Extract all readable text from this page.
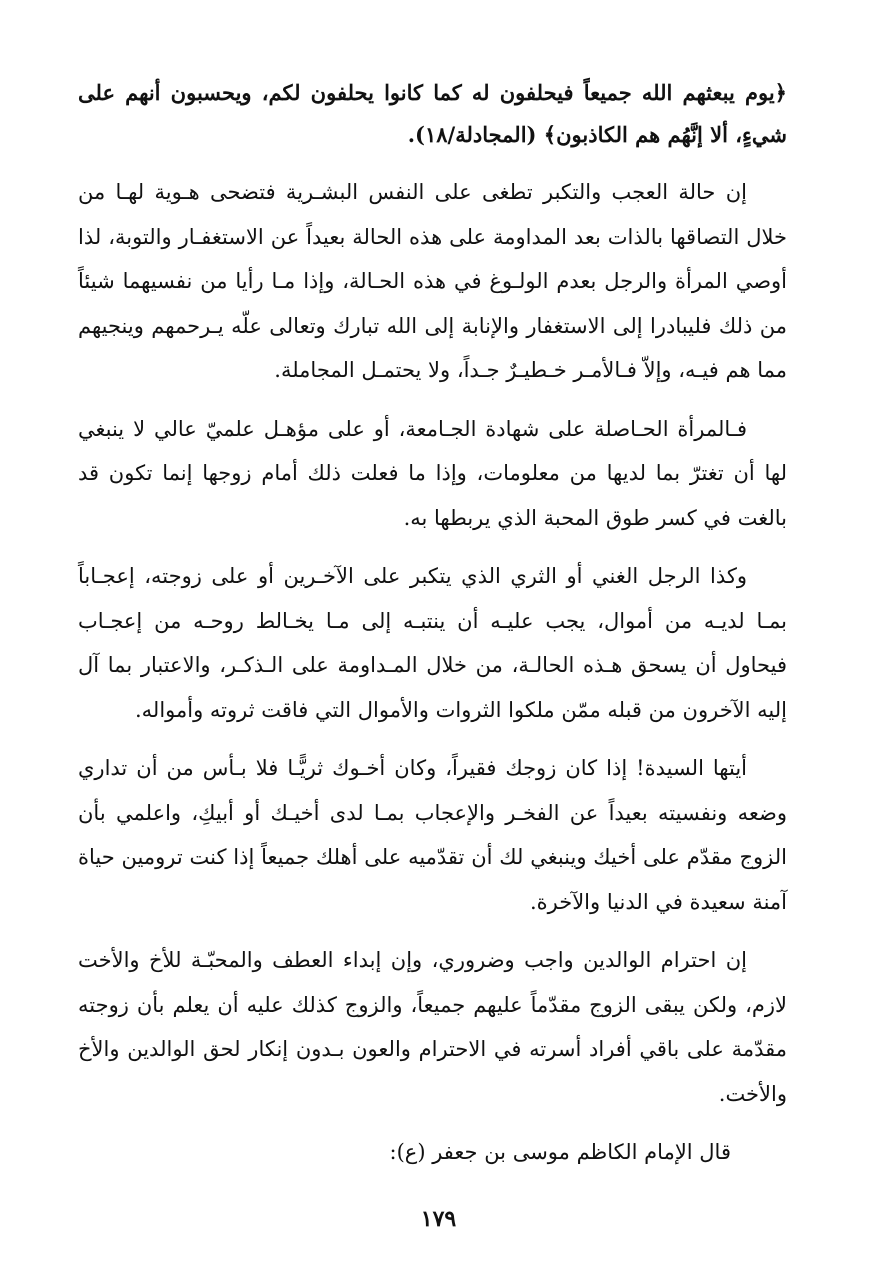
﴿يوم يبعثهم الله جميعاً فيحلفون له كما كانوا يحلفون لكم، ويحسبون أنهم على شيءٍ، ألا إنَّهُم هم الكاذبون﴾ (المجادلة/١٨).

إن حالة العجب والتكبر تطغى على النفس البشـرية فتضحى هـوية لهـا من خلال التصاقها بالذات بعد المداومة على هذه الحالة بعيداً عن الاستغفـار والتوبة، لذا أوصي المرأة والرجل بعدم الولـوغ في هذه الحـالة، وإذا مـا رأيا من نفسيهما شيئاً من ذلك فليبادرا إلى الاستغفار والإنابة إلى الله تبارك وتعالى علّه يـرحمهم وينجيهم مما هم فيـه، وإلاّ فـالأمـر خـطيـرٌ جـداً، ولا يحتمـل المجاملة.

فـالمرأة الحـاصلة على شهادة الجـامعة، أو على مؤهـل علميّ عالي لا ينبغي لها أن تغترّ بما لديها من معلومات، وإذا ما فعلت ذلك أمام زوجها إنما تكون قد بالغت في كسر طوق المحبة الذي يربطها به.

وكذا الرجل الغني أو الثري الذي يتكبر على الآخـرين أو على زوجته، إعجـاباً بمـا لديـه من أموال، يجب عليـه أن ينتبـه إلى مـا يخـالط روحـه من إعجـاب فيحاول أن يسحق هـذه الحالـة، من خلال المـداومة على الـذكـر، والاعتبار بما آل إليه الآخرون من قبله ممّن ملكوا الثروات والأموال التي فاقت ثروته وأمواله.

أيتها السيدة! إذا كان زوجك فقيراً، وكان أخـوك ثريًّـا فلا بـأس من أن تداري وضعه ونفسيته بعيداً عن الفخـر والإعجاب بمـا لدى أخيـك أو أبيكِ، واعلمي بأن الزوج مقدّم على أخيك وينبغي لك أن تقدّميه على أهلك جميعاً إذا كنت ترومين حياة آمنة سعيدة في الدنيا والآخرة.

إن احترام الوالدين واجب وضروري، وإن إبداء العطف والمحبّـة للأخ والأخت لازم، ولكن يبقى الزوج مقدّماً عليهم جميعاً، والزوج كذلك عليه أن يعلم بأن زوجته مقدّمة على باقي أفراد أسرته في الاحترام والعون بـدون إنكار لحق الوالدين والأخ والأخت.

قال الإمام الكاظم موسى بن جعفر (ع):

١٧٩
